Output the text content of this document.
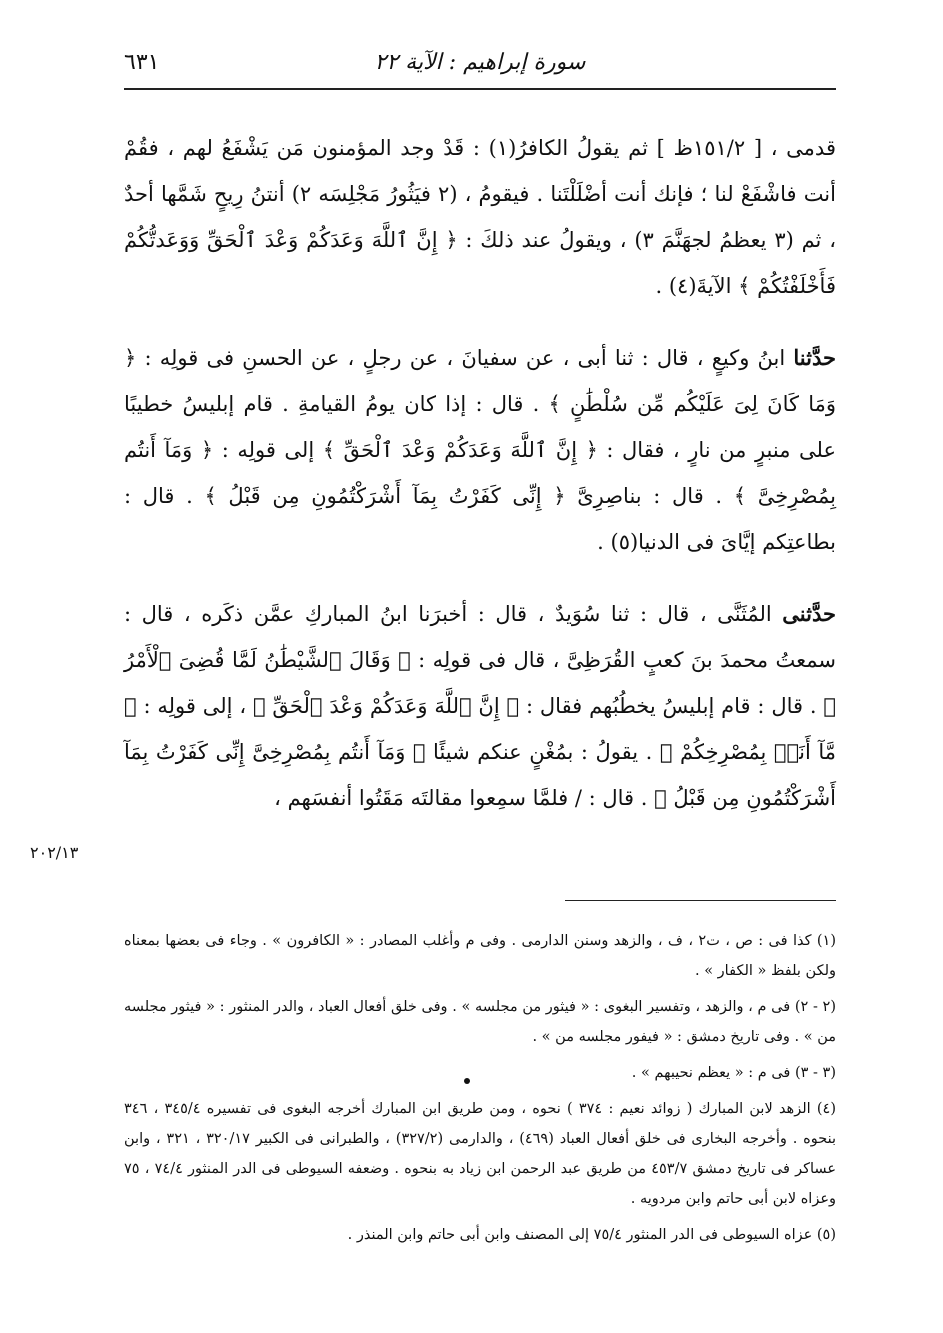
٦٣١	سورة إبراهيم : الآية ٢٢

قدمى ، [ ١٥١/٢ظ ] ثم يقولُ الكافرُ(١) : قَدْ وجد المؤمنون مَن يَشْفَعُ لهم ، فقُمْ أنت فاشْفَعْ لنا ؛ فإنك أنت أضْلَلْتَنا . فيقومُ ، (٢ فيَثُورُ مَجْلِسَه ٢) أنتنُ رِيحٍ شَمَّها أحدٌ ، ثم (٣ يعظمُ لجهَنَّمَ ٣) ، ويقولُ عند ذلكَ : ﴿ إِنَّ ٱللَّهَ وَعَدَكُمْ وَعْدَ ٱلْحَقِّ وَوَعَدتُّكُمْ فَأَخْلَفْتُكُمْ ﴾ الآيةَ(٤) .

حدَّثنا ابنُ وكيعٍ ، قال : ثنا أبى ، عن سفيانَ ، عن رجلٍ ، عن الحسنِ فى قولِه : ﴿ وَمَا كَانَ لِىَ عَلَيْكُم مِّن سُلْطَٰنٍ ﴾ . قال : إذا كان يومُ القيامةِ . قام إبليسُ خطيبًا على منبرٍ من نارٍ ، فقال : ﴿ إِنَّ ٱللَّهَ وَعَدَكُمْ وَعْدَ ٱلْحَقِّ ﴾ إلى قولِه : ﴿ وَمَآ أَنتُم بِمُصْرِخِىَّ ﴾ . قال : بناصِرِىَّ ﴿ إِنِّى كَفَرْتُ بِمَآ أَشْرَكْتُمُونِ مِن قَبْلُ ﴾ . قال : بطاعتِكم إيَّاىَ فى الدنيا(٥) .

حدَّثنى المُثَنَّى ، قال : ثنا سُوَيدٌ ، قال : أخبرَنا ابنُ المباركِ عمَّن ذكَره ، قال : سمعتُ محمدَ بنَ كعبٍ القُرَظِىَّ ، قال فى قولِه : ﴿ وَقَالَ ٱلشَّيْطَٰنُ لَمَّا قُضِىَ ٱلْأَمْرُ ﴾ . قال : قام إبليسُ يخطُبُهم فقال : ﴿ إِنَّ ٱللَّهَ وَعَدَكُمْ وَعْدَ ٱلْحَقِّ ﴾ ، إلى قولِه : ﴿ مَّآ أَنَا۠ بِمُصْرِخِكُمْ ﴾ . يقولُ : بمُغْنٍ عنكم شيئًا ﴿ وَمَآ أَنتُم بِمُصْرِخِىَّ إِنِّى كَفَرْتُ بِمَآ أَشْرَكْتُمُونِ مِن قَبْلُ ﴾ . قال : / فلمَّا سمِعوا مقالتَه مَقَتُوا أنفسَهم ،

٢٠٢/١٣

(١) كذا فى : ص ، ت٢ ، ف ، والزهد وسنن الدارمى . وفى م وأغلب المصادر : « الكافرون » . وجاء فى بعضها بمعناه ولكن بلفظ « الكفار » .

(٢ - ٢) فى م ، والزهد ، وتفسير البغوى : « فيثور من مجلسه » . وفى خلق أفعال العباد ، والدر المنثور : « فيثور مجلسه من » . وفى تاريخ دمشق : « فيفور مجلسه من » .

(٣ - ٣) فى م : « يعظم نحيبهم » .

(٤) الزهد لابن المبارك ( زوائد نعيم : ٣٧٤ ) نحوه ، ومن طريق ابن المبارك أخرجه البغوى فى تفسيره ٣٤٥/٤ ، ٣٤٦ بنحوه . وأخرجه البخارى فى خلق أفعال العباد (٤٦٩) ، والدارمى (٣٢٧/٢) ، والطبرانى فى الكبير ٣٢٠/١٧ ، ٣٢١ ، وابن عساكر فى تاريخ دمشق ٤٥٣/٧ من طريق عبد الرحمن ابن زياد به بنحوه . وضعفه السيوطى فى الدر المنثور ٧٤/٤ ، ٧٥ وعزاه لابن أبى حاتم وابن مردويه .

(٥) عزاه السيوطى فى الدر المنثور ٧٥/٤ إلى المصنف وابن أبى حاتم وابن المنذر .
